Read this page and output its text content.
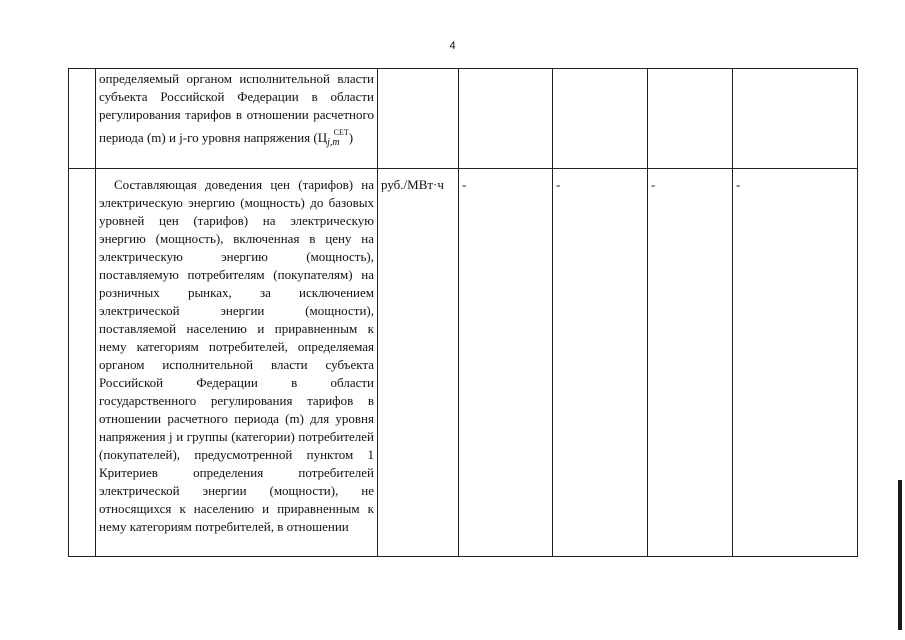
4
	определяемый органом исполнительной власти субъекта Российской Федерации в области регулирования тарифов в отношении расчетного периода (m) и j-го уровня напряжения $(Ц_{j,m}^{СЕТ})$					
	Составляющая доведения цен (тарифов) на электрическую энергию (мощность) до базовых уровней цен (тарифов) на электрическую энергию (мощность), включенная в цену на электрическую энергию (мощность), поставляемую потребителям (покупателям) на розничных рынках, за исключением электрической энергии (мощности), поставляемой населению и приравненным к нему категориям потребителей, определяемая органом исполнительной власти субъекта Российской Федерации в области государственного регулирования тарифов в отношении расчетного периода (m) для уровня напряжения j и группы (категории) потребителей (покупателей), предусмотренной пунктом 1 Критериев определения потребителей электрической энергии (мощности), не относящихся к населению и приравненным к нему категориям потребителей, в отношении	руб./МВт·ч	-	-	-	-
